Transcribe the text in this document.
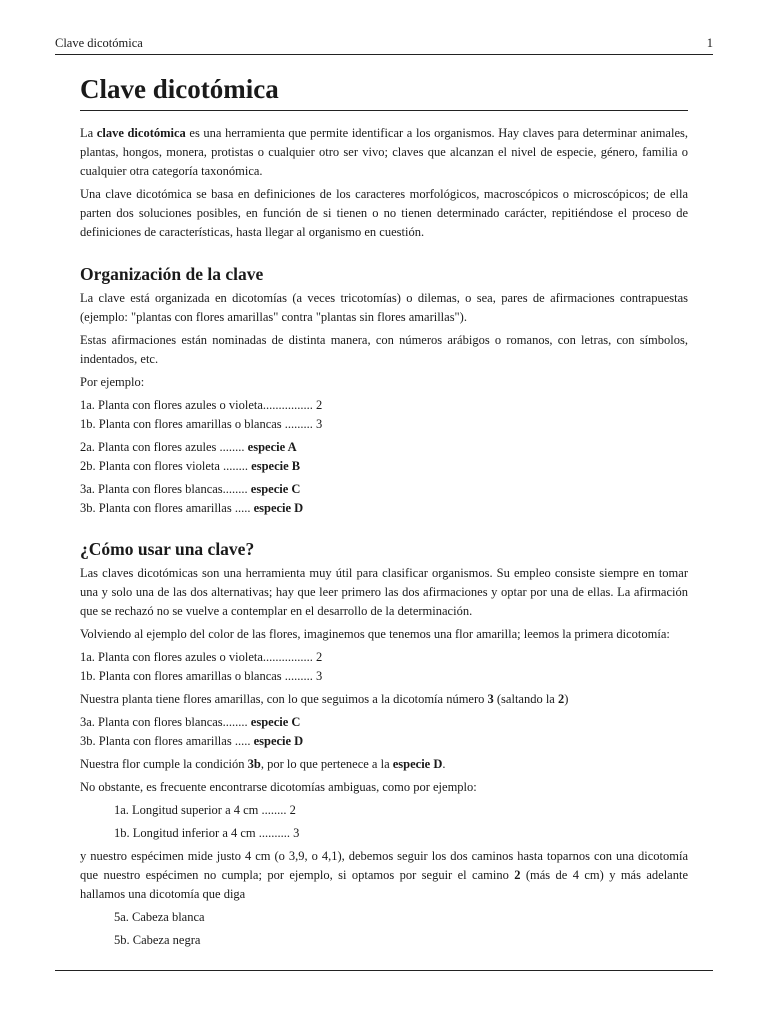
Clave dicotómica	1
Clave dicotómica

La clave dicotómica es una herramienta que permite identificar a los organismos. Hay claves para determinar animales, plantas, hongos, monera, protistas o cualquier otro ser vivo; claves que alcanzan el nivel de especie, género, familia o cualquier otra categoría taxonómica.

Una clave dicotómica se basa en definiciones de los caracteres morfológicos, macroscópicos o microscópicos; de ella parten dos soluciones posibles, en función de si tienen o no tienen determinado carácter, repitiéndose el proceso de definiciones de características, hasta llegar al organismo en cuestión.

Organización de la clave

La clave está organizada en dicotomías (a veces tricotomías) o dilemas, o sea, pares de afirmaciones contrapuestas (ejemplo: "plantas con flores amarillas" contra "plantas sin flores amarillas").

Estas afirmaciones están nominadas de distinta manera, con números arábigos o romanos, con letras, con símbolos, indentados, etc.

Por ejemplo:

1a. Planta con flores azules o violeta................ 2
1b. Planta con flores amarillas o blancas ......... 3
2a. Planta con flores azules ........ especie A
2b. Planta con flores violeta ........ especie B
3a. Planta con flores blancas........ especie C
3b. Planta con flores amarillas ..... especie D
¿Cómo usar una clave?

Las claves dicotómicas son una herramienta muy útil para clasificar organismos. Su empleo consiste siempre en tomar una y solo una de las dos alternativas; hay que leer primero las dos afirmaciones y optar por una de ellas. La afirmación que se rechazó no se vuelve a contemplar en el desarrollo de la determinación.

Volviendo al ejemplo del color de las flores, imaginemos que tenemos una flor amarilla; leemos la primera dicotomía:

1a. Planta con flores azules o violeta................ 2
1b. Planta con flores amarillas o blancas ......... 3

Nuestra planta tiene flores amarillas, con lo que seguimos a la dicotomía número 3 (saltando la 2)

3a. Planta con flores blancas........ especie C
3b. Planta con flores amarillas ..... especie D

Nuestra flor cumple la condición 3b, por lo que pertenece a la especie D.

No obstante, es frecuente encontrarse dicotomías ambiguas, como por ejemplo:

1a. Longitud superior a 4 cm ........ 2
1b. Longitud inferior a 4 cm .......... 3

y nuestro espécimen mide justo 4 cm (o 3,9, o 4,1), debemos seguir los dos caminos hasta toparnos con una dicotomía que nuestro espécimen no cumpla; por ejemplo, si optamos por seguir el camino 2 (más de 4 cm) y más adelante hallamos una dicotomía que diga

5a. Cabeza blanca
5b. Cabeza negra
